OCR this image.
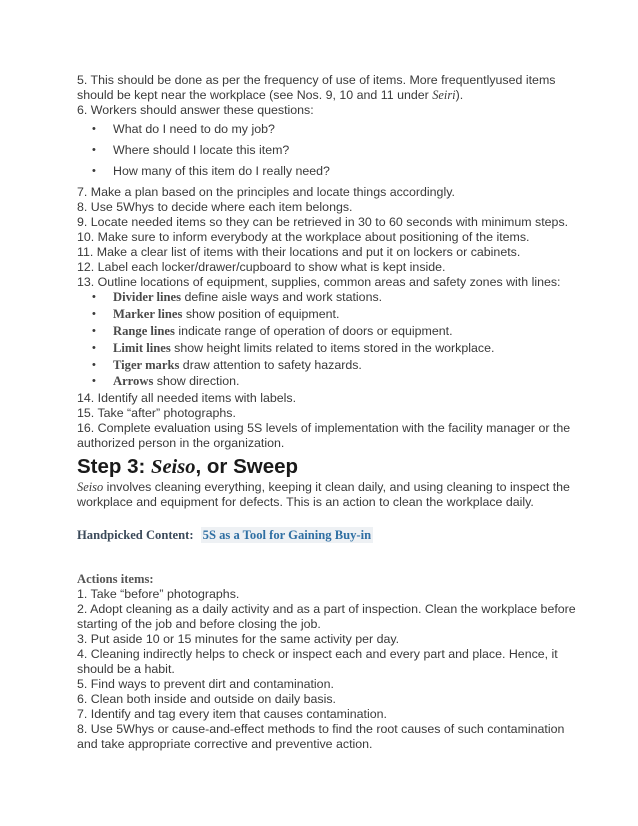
5. This should be done as per the frequency of use of items. More frequentlyused items should be kept near the workplace (see Nos. 9, 10 and 11 under Seiri).

6. Workers should answer these questions:

• What do I need to do my job?
• Where should I locate this item?
• How many of this item do I really need?

7. Make a plan based on the principles and locate things accordingly.

8. Use 5Whys to decide where each item belongs.

9. Locate needed items so they can be retrieved in 30 to 60 seconds with minimum steps.

10. Make sure to inform everybody at the workplace about positioning of the items.

11. Make a clear list of items with their locations and put it on lockers or cabinets.

12. Label each locker/drawer/cupboard to show what is kept inside.

13. Outline locations of equipment, supplies, common areas and safety zones with lines:

• Divider lines define aisle ways and work stations.
• Marker lines show position of equipment.
• Range lines indicate range of operation of doors or equipment.
• Limit lines show height limits related to items stored in the workplace.
• Tiger marks draw attention to safety hazards.
• Arrows show direction.

14. Identify all needed items with labels.

15. Take “after” photographs.

16. Complete evaluation using 5S levels of implementation with the facility manager or the authorized person in the organization.

Step 3: Seiso, or Sweep

Seiso involves cleaning everything, keeping it clean daily, and using cleaning to inspect the workplace and equipment for defects. This is an action to clean the workplace daily.

Handpicked Content: 5S as a Tool for Gaining Buy-in

Actions items:

1. Take “before” photographs.

2. Adopt cleaning as a daily activity and as a part of inspection. Clean the workplace before starting of the job and before closing the job.

3. Put aside 10 or 15 minutes for the same activity per day.

4. Cleaning indirectly helps to check or inspect each and every part and place. Hence, it should be a habit.

5. Find ways to prevent dirt and contamination.

6. Clean both inside and outside on daily basis.

7. Identify and tag every item that causes contamination.

8. Use 5Whys or cause-and-effect methods to find the root causes of such contamination and take appropriate corrective and preventive action.
